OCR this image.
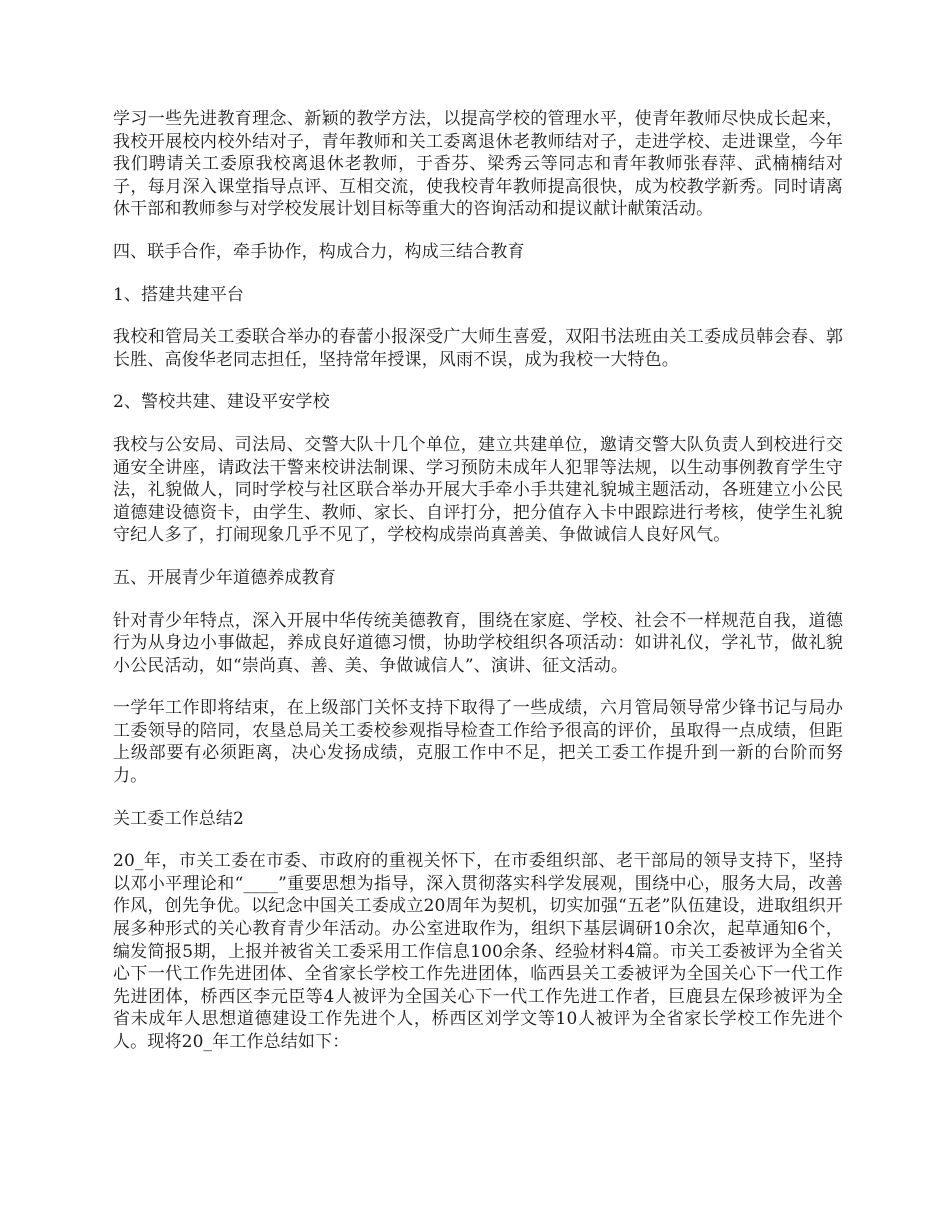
学习一些先进教育理念、新颖的教学方法，以提高学校的管理水平，使青年教师尽快成长起来，我校开展校内校外结对子，青年教师和关工委离退休老教师结对子，走进学校、走进课堂，今年我们聘请关工委原我校离退休老教师，于香芬、梁秀云等同志和青年教师张春萍、武楠楠结对子，每月深入课堂指导点评、互相交流，使我校青年教师提高很快，成为校教学新秀。同时请离休干部和教师参与对学校发展计划目标等重大的咨询活动和提议献计献策活动。

四、联手合作，牵手协作，构成合力，构成三结合教育

1、搭建共建平台

我校和管局关工委联合举办的春蕾小报深受广大师生喜爱，双阳书法班由关工委成员韩会春、郭长胜、高俊华老同志担任，坚持常年授课，风雨不误，成为我校一大特色。

2、警校共建、建设平安学校

我校与公安局、司法局、交警大队十几个单位，建立共建单位，邀请交警大队负责人到校进行交通安全讲座，请政法干警来校讲法制课、学习预防未成年人犯罪等法规，以生动事例教育学生守法，礼貌做人，同时学校与社区联合举办开展大手牵小手共建礼貌城主题活动，各班建立小公民道德建设德资卡，由学生、教师、家长、自评打分，把分值存入卡中跟踪进行考核，使学生礼貌守纪人多了，打闹现象几乎不见了，学校构成崇尚真善美、争做诚信人良好风气。

五、开展青少年道德养成教育

针对青少年特点，深入开展中华传统美德教育，围绕在家庭、学校、社会不一样规范自我，道德行为从身边小事做起，养成良好道德习惯，协助学校组织各项活动：如讲礼仪，学礼节，做礼貌小公民活动，如“崇尚真、善、美、争做诚信人”、演讲、征文活动。

一学年工作即将结束，在上级部门关怀支持下取得了一些成绩，六月管局领导常少锋书记与局办工委领导的陪同，农垦总局关工委校参观指导检查工作给予很高的评价，虽取得一点成绩，但距上级部要有必须距离，决心发扬成绩，克服工作中不足，把关工委工作提升到一新的台阶而努力。

关工委工作总结2

20_年，市关工委在市委、市政府的重视关怀下，在市委组织部、老干部局的领导支持下，坚持以邓小平理论和“____”重要思想为指导，深入贯彻落实科学发展观，围绕中心，服务大局，改善作风，创先争优。以纪念中国关工委成立20周年为契机，切实加强“五老”队伍建设，进取组织开展多种形式的关心教育青少年活动。办公室进取作为，组织下基层调研10余次，起草通知6个，编发简报5期，上报并被省关工委采用工作信息100余条、经验材料4篇。市关工委被评为全省关心下一代工作先进团体、全省家长学校工作先进团体，临西县关工委被评为全国关心下一代工作先进团体，桥西区李元臣等4人被评为全国关心下一代工作先进工作者，巨鹿县左保珍被评为全省未成年人思想道德建设工作先进个人，桥西区刘学文等10人被评为全省家长学校工作先进个人。现将20_年工作总结如下：
